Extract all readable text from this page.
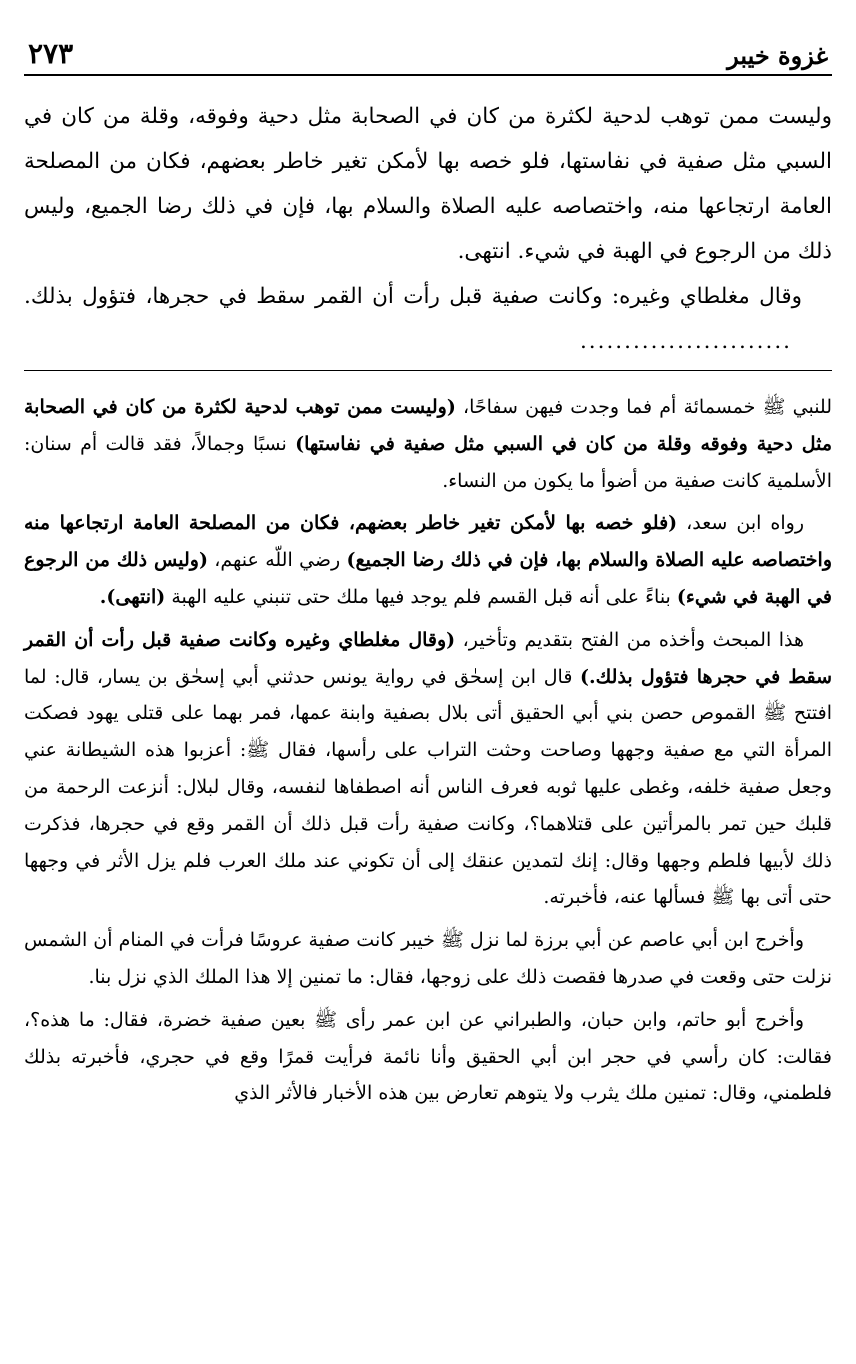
غزوة خيبر
٢٧٣

وليست ممن توهب لدحية لكثرة من كان في الصحابة مثل دحية وفوقه، وقلة من كان في السبي مثل صفية في نفاستها، فلو خصه بها لأمكن تغير خاطر بعضهم، فكان من المصلحة العامة ارتجاعها منه، واختصاصه عليه الصلاة والسلام بها، فإن في ذلك رضا الجميع، وليس ذلك من الرجوع في الهبة في شيء. انتهى.

وقال مغلطاي وغيره: وكانت صفية قبل رأت أن القمر سقط في حجرها، فتؤول بذلك.........................

للنبي ﷺ خمسمائة أم فما وجدت فيهن سفاحًا، (وليست ممن توهب لدحية لكثرة من كان في الصحابة مثل دحية وفوقه وقلة من كان في السبي مثل صفية في نفاستها) نسبًا وجمالاً، فقد قالت أم سنان: الأسلمية كانت صفية من أضوأ ما يكون من النساء.

رواه ابن سعد، (فلو خصه بها لأمكن تغير خاطر بعضهم، فكان من المصلحة العامة ارتجاعها منه واختصاصه عليه الصلاة والسلام بها، فإن في ذلك رضا الجميع) رضي اللّه عنهم، (وليس ذلك من الرجوع في الهبة في شيء) بناءً على أنه قبل القسم فلم يوجد فيها ملك حتى تنبني عليه الهبة (انتهى).

هذا المبحث وأخذه من الفتح بتقديم وتأخير، (وقال مغلطاي وغيره وكانت صفية قبل رأت أن القمر سقط في حجرها فتؤول بذلك.) قال ابن إسحٰق في رواية يونس حدثني أبي إسحٰق بن يسار، قال: لما افتتح ﷺ القموص حصن بني أبي الحقيق أتى بلال بصفية وابنة عمها، فمر بهما على قتلى يهود فصكت المرأة التي مع صفية وجهها وصاحت وحثت التراب على رأسها، فقال ﷺ: أعزبوا هذه الشيطانة عني وجعل صفية خلفه، وغطى عليها ثوبه فعرف الناس أنه اصطفاها لنفسه، وقال لبلال: أنزعت الرحمة من قلبك حين تمر بالمرأتين على قتلاهما؟، وكانت صفية رأت قبل ذلك أن القمر وقع في حجرها، فذكرت ذلك لأبيها فلطم وجهها وقال: إنك لتمدين عنقك إلى أن تكوني عند ملك العرب فلم يزل الأثر في وجهها حتى أتى بها ﷺ فسألها عنه، فأخبرته.

وأخرج ابن أبي عاصم عن أبي برزة لما نزل ﷺ خيبر كانت صفية عروسًا فرأت في المنام أن الشمس نزلت حتى وقعت في صدرها فقصت ذلك على زوجها، فقال: ما تمنين إلا هذا الملك الذي نزل بنا.

وأخرج أبو حاتم، وابن حبان، والطبراني عن ابن عمر رأى ﷺ بعين صفية خضرة، فقال: ما هذه؟، فقالت: كان رأسي في حجر ابن أبي الحقيق وأنا نائمة فرأيت قمرًا وقع في حجري، فأخبرته بذلك فلطمني، وقال: تمنين ملك يثرب ولا يتوهم تعارض بين هذه الأخبار فالأثر الذي
